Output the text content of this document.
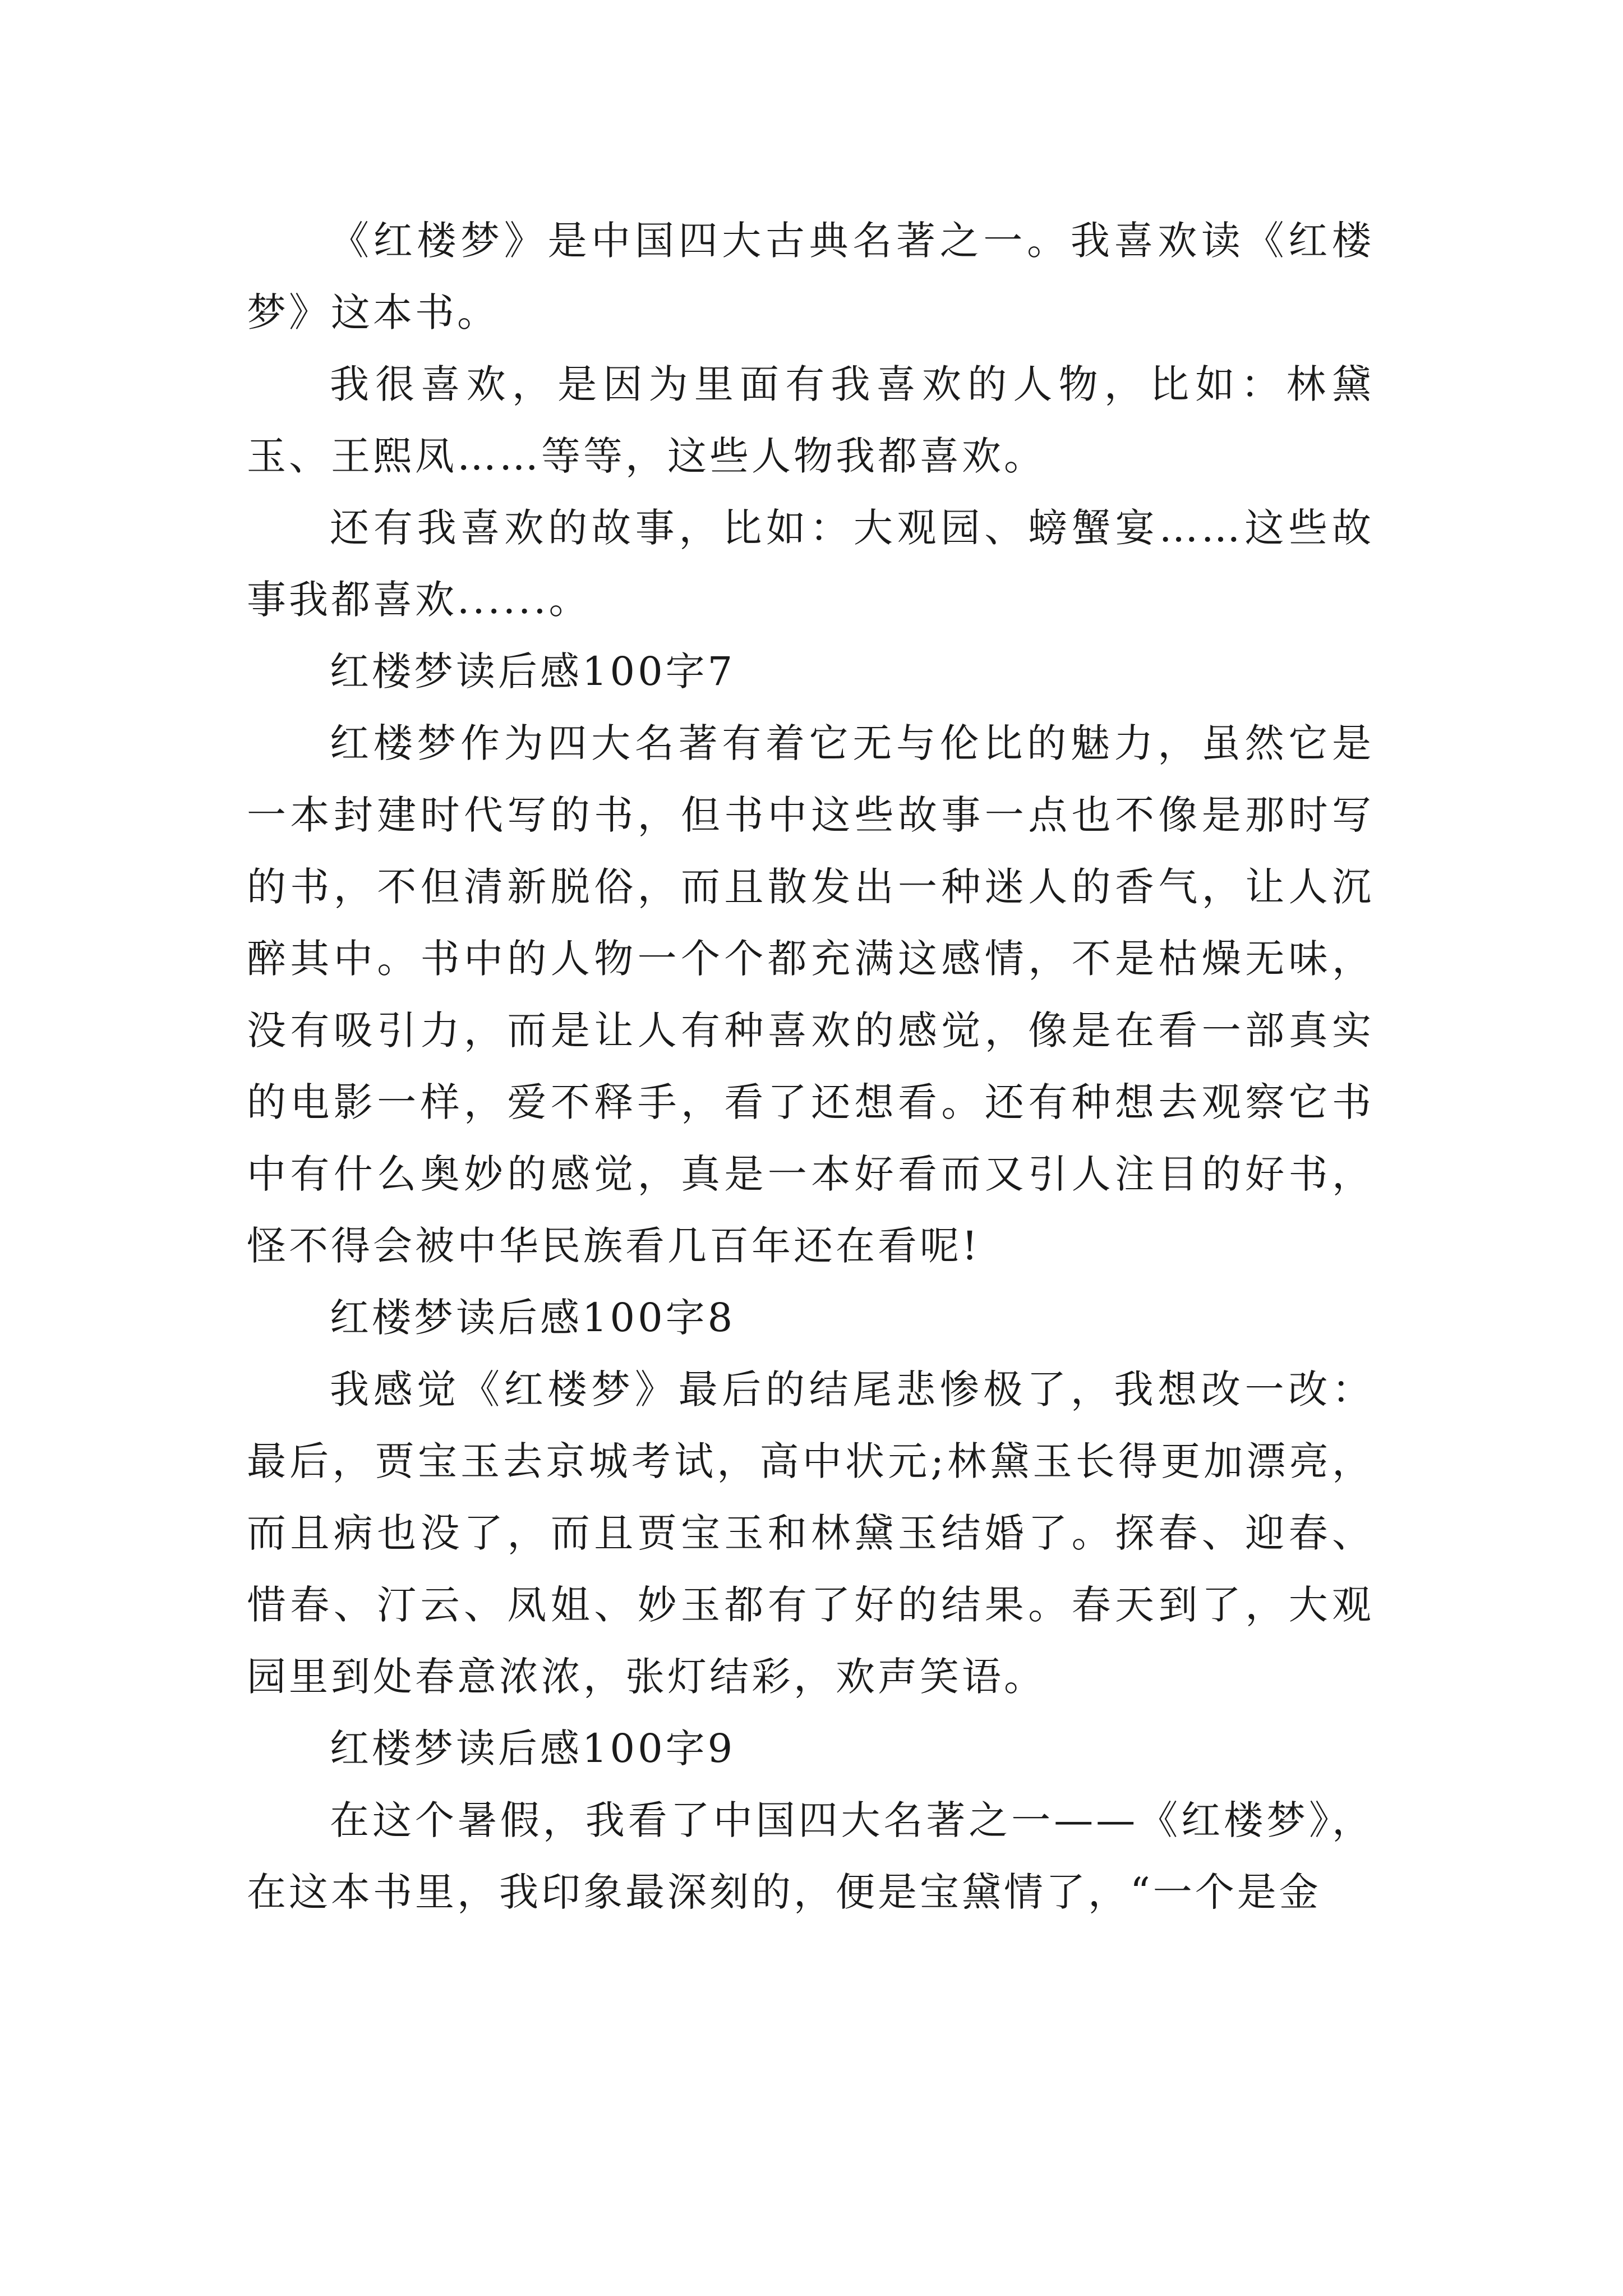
《红楼梦》是中国四大古典名著之一。我喜欢读《红楼梦》这本书。

我很喜欢，是因为里面有我喜欢的人物，比如：林黛玉、王熙凤……等等，这些人物我都喜欢。

还有我喜欢的故事，比如：大观园、螃蟹宴……这些故事我都喜欢......。

红楼梦读后感100字7

红楼梦作为四大名著有着它无与伦比的魅力，虽然它是一本封建时代写的书，但书中这些故事一点也不像是那时写的书，不但清新脱俗，而且散发出一种迷人的香气，让人沉醉其中。书中的人物一个个都充满这感情，不是枯燥无味，没有吸引力，而是让人有种喜欢的感觉，像是在看一部真实的电影一样，爱不释手，看了还想看。还有种想去观察它书中有什么奥妙的感觉，真是一本好看而又引人注目的好书，怪不得会被中华民族看几百年还在看呢!

红楼梦读后感100字8

我感觉《红楼梦》最后的结尾悲惨极了，我想改一改：最后，贾宝玉去京城考试，高中状元;林黛玉长得更加漂亮，而且病也没了，而且贾宝玉和林黛玉结婚了。探春、迎春、惜春、汀云、凤姐、妙玉都有了好的结果。春天到了，大观园里到处春意浓浓，张灯结彩，欢声笑语。

红楼梦读后感100字9

在这个暑假，我看了中国四大名著之一——《红楼梦》，在这本书里，我印象最深刻的，便是宝黛情了，“一个是金
